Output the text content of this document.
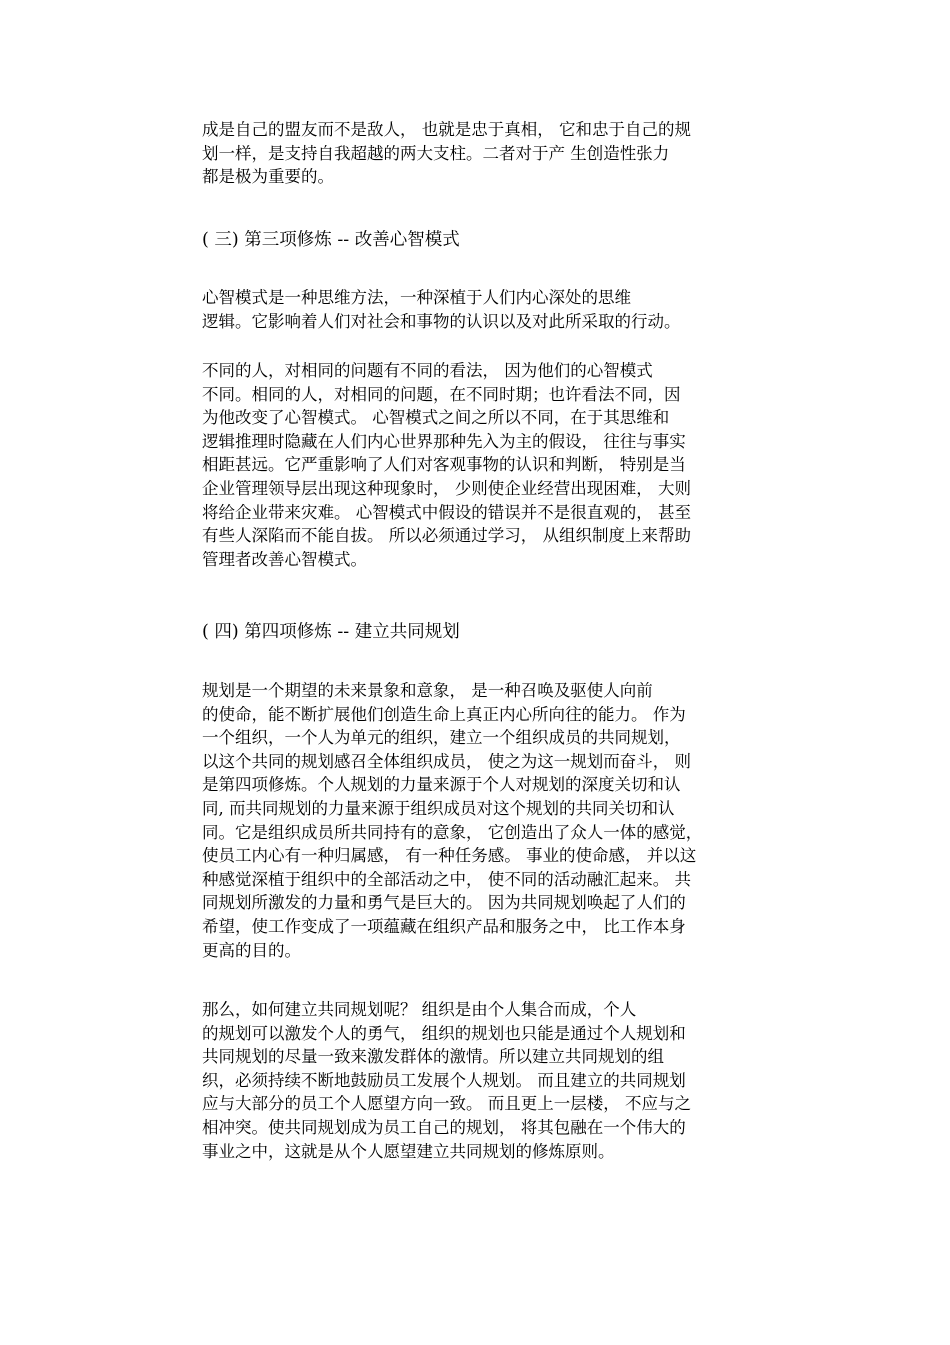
成是自己的盟友而不是敌人， 也就是忠于真相， 它和忠于自己的规
划一样，是支持自我超越的两大支柱。二者对于产 生创造性张力
都是极为重要的。
( 三) 第三项修炼 -- 改善心智模式
心智模式是一种思维方法，一种深植于人们内心深处的思维
逻辑。它影响着人们对社会和事物的认识以及对此所采取的行动。
不同的人，对相同的问题有不同的看法， 因为他们的心智模式
不同。相同的人，对相同的问题，在不同时期；也许看法不同，因
为他改变了心智模式。 心智模式之间之所以不同，在于其思维和
逻辑推理时隐藏在人们内心世界那种先入为主的假设， 往往与事实
相距甚远。它严重影响了人们对客观事物的认识和判断， 特别是当
企业管理领导层出现这种现象时， 少则使企业经营出现困难， 大则
将给企业带来灾难。 心智模式中假设的错误并不是很直观的， 甚至
有些人深陷而不能自拔。 所以必须通过学习， 从组织制度上来帮助
管理者改善心智模式。
( 四) 第四项修炼 -- 建立共同规划
规划是一个期望的未来景象和意象， 是一种召唤及驱使人向前
的使命，能不断扩展他们创造生命上真正内心所向往的能力。 作为
一个组织，一个人为单元的组织，建立一个组织成员的共同规划，
以这个共同的规划感召全体组织成员， 使之为这一规划而奋斗， 则
是第四项修炼。个人规划的力量来源于个人对规划的深度关切和认
同, 而共同规划的力量来源于组织成员对这个规划的共同关切和认
同。它是组织成员所共同持有的意象， 它创造出了众人一体的感觉，
使员工内心有一种归属感， 有一种任务感。 事业的使命感， 并以这
种感觉深植于组织中的全部活动之中， 使不同的活动融汇起来。 共
同规划所激发的力量和勇气是巨大的。 因为共同规划唤起了人们的
希望，使工作变成了一项蕴藏在组织产品和服务之中， 比工作本身
更高的目的。
那么，如何建立共同规划呢？ 组织是由个人集合而成，个人
的规划可以激发个人的勇气， 组织的规划也只能是通过个人规划和
共同规划的尽量一致来激发群体的激情。所以建立共同规划的组
织，必须持续不断地鼓励员工发展个人规划。 而且建立的共同规划
应与大部分的员工个人愿望方向一致。 而且更上一层楼， 不应与之
相冲突。使共同规划成为员工自己的规划， 将其包融在一个伟大的
事业之中，这就是从个人愿望建立共同规划的修炼原则。
